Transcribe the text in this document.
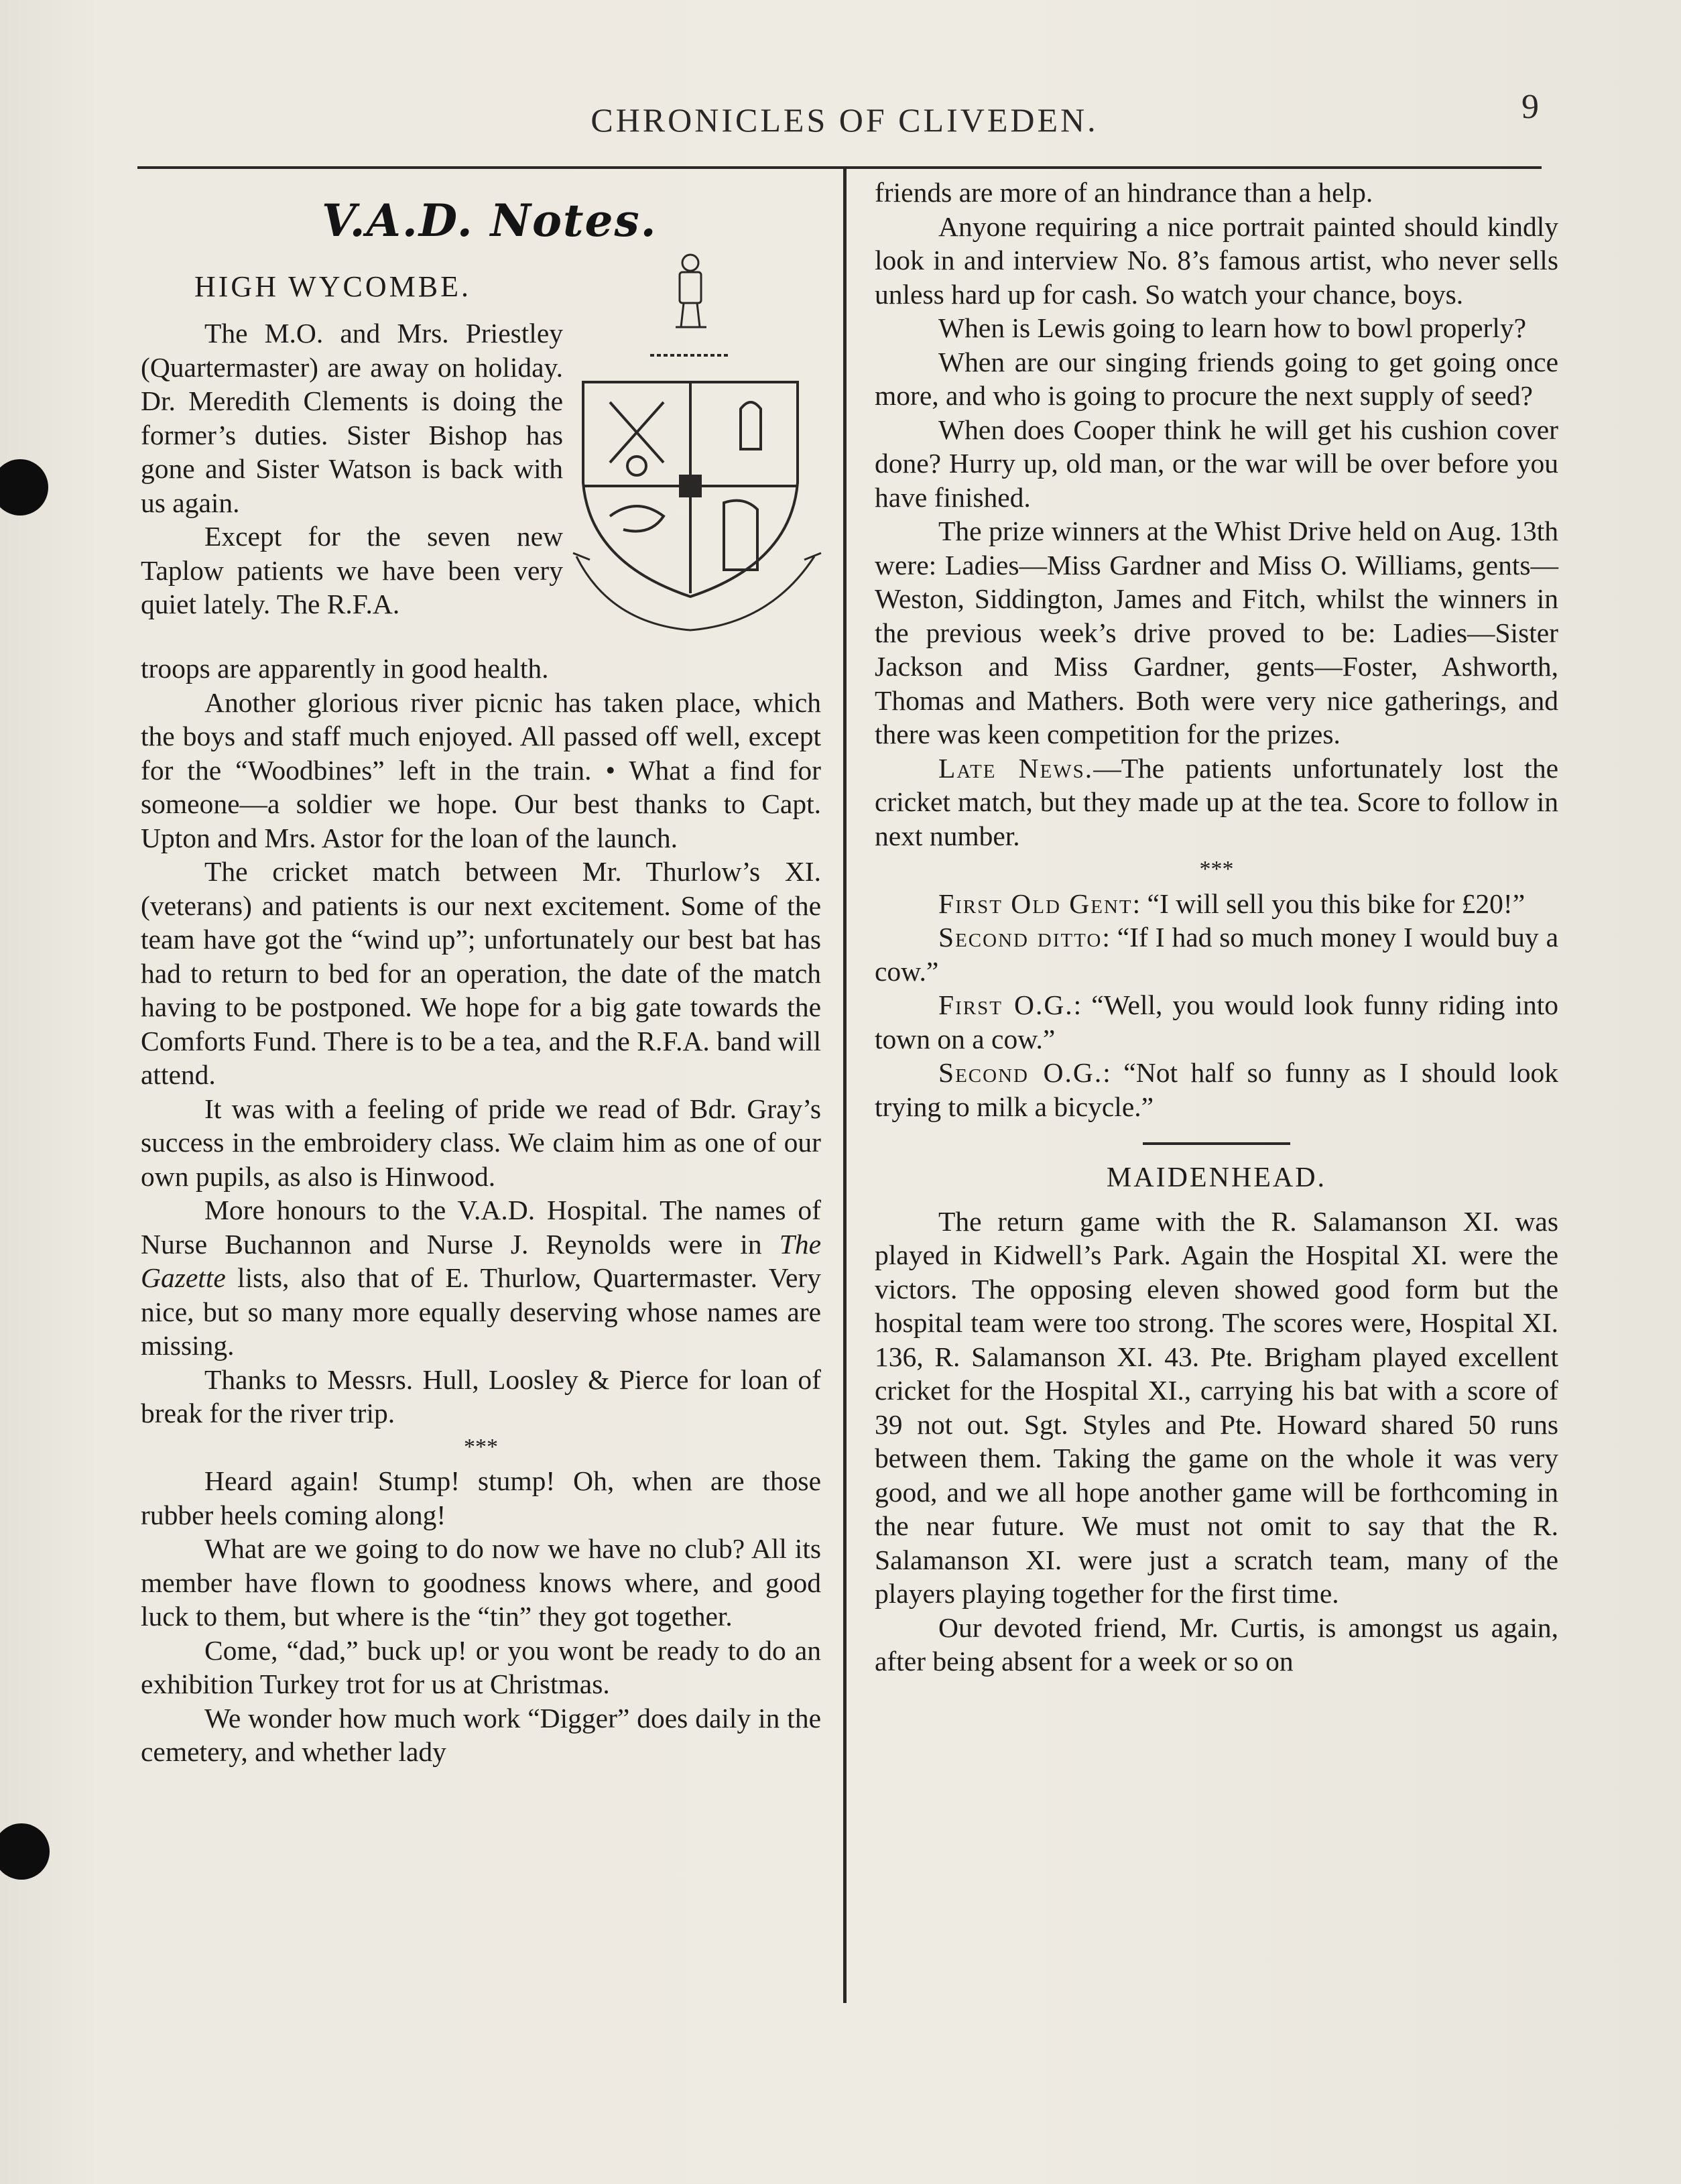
CHRONICLES OF CLIVEDEN.	9
V.A.D. Notes.
HIGH WYCOMBE.

The M.O. and Mrs. Priestley (Quartermaster) are away on holiday. Dr. Meredith Clements is doing the former’s duties. Sister Bishop has gone and Sister Watson is back with us again.

Except for the seven new Taplow patients we have been very quiet lately. The R.F.A.

troops are apparently in good health.

Another glorious river picnic has taken place, which the boys and staff much enjoyed. All passed off well, except for the “Woodbines” left in the train. • What a find for someone—a soldier we hope. Our best thanks to Capt. Upton and Mrs. Astor for the loan of the launch.

The cricket match between Mr. Thurlow’s XI. (veterans) and patients is our next excitement. Some of the team have got the “wind up”; unfortunately our best bat has had to return to bed for an operation, the date of the match having to be postponed. We hope for a big gate towards the Comforts Fund. There is to be a tea, and the R.F.A. band will attend.

It was with a feeling of pride we read of Bdr. Gray’s success in the embroidery class. We claim him as one of our own pupils, as also is Hinwood.

More honours to the V.A.D. Hospital. The names of Nurse Buchannon and Nurse J. Reynolds were in The Gazette lists, also that of E. Thurlow, Quartermaster. Very nice, but so many more equally deserving whose names are missing.

Thanks to Messrs. Hull, Loosley & Pierce for loan of break for the river trip.

***

Heard again! Stump! stump! Oh, when are those rubber heels coming along!

What are we going to do now we have no club? All its member have flown to goodness knows where, and good luck to them, but where is the “tin” they got together.

Come, “dad,” buck up! or you wont be ready to do an exhibition Turkey trot for us at Christmas.

We wonder how much work “Digger” does daily in the cemetery, and whether lady

friends are more of an hindrance than a help.

Anyone requiring a nice portrait painted should kindly look in and interview No. 8’s famous artist, who never sells unless hard up for cash. So watch your chance, boys.

When is Lewis going to learn how to bowl properly?

When are our singing friends going to get going once more, and who is going to procure the next supply of seed?

When does Cooper think he will get his cushion cover done? Hurry up, old man, or the war will be over before you have finished.

The prize winners at the Whist Drive held on Aug. 13th were: Ladies—Miss Gardner and Miss O. Williams, gents—Weston, Siddington, James and Fitch, whilst the winners in the previous week’s drive proved to be: Ladies—Sister Jackson and Miss Gardner, gents—Foster, Ashworth, Thomas and Mathers. Both were very nice gatherings, and there was keen competition for the prizes.

Late News.—The patients unfortunately lost the cricket match, but they made up at the tea. Score to follow in next number.

***

First Old Gent: “I will sell you this bike for £20!”

Second ditto: “If I had so much money I would buy a cow.”

First O.G.: “Well, you would look funny riding into town on a cow.”

Second O.G.: “Not half so funny as I should look trying to milk a bicycle.”

MAIDENHEAD.

The return game with the R. Salamanson XI. was played in Kidwell’s Park. Again the Hospital XI. were the victors. The opposing eleven showed good form but the hospital team were too strong. The scores were, Hospital XI. 136, R. Salamanson XI. 43. Pte. Brigham played excellent cricket for the Hospital XI., carrying his bat with a score of 39 not out. Sgt. Styles and Pte. Howard shared 50 runs between them. Taking the game on the whole it was very good, and we all hope another game will be forthcoming in the near future. We must not omit to say that the R. Salamanson XI. were just a scratch team, many of the players playing together for the first time.

Our devoted friend, Mr. Curtis, is amongst us again, after being absent for a week or so on
